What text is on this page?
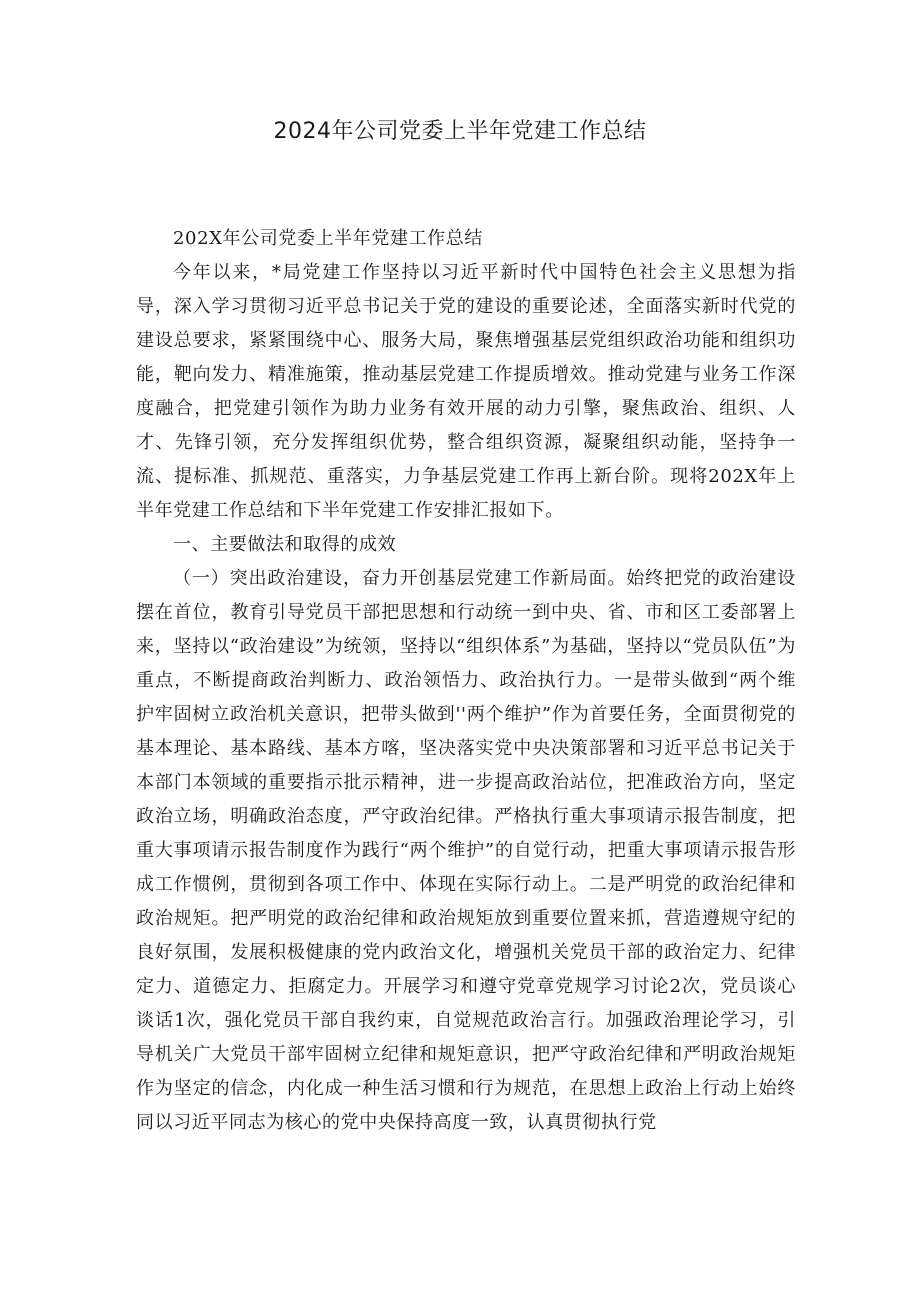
2024年公司党委上半年党建工作总结

202X年公司党委上半年党建工作总结

今年以来，*局党建工作坚持以习近平新时代中国特色社会主义思想为指导，深入学习贯彻习近平总书记关于党的建设的重要论述，全面落实新时代党的建设总要求，紧紧围绕中心、服务大局，聚焦增强基层党组织政治功能和组织功能，靶向发力、精准施策，推动基层党建工作提质增效。推动党建与业务工作深度融合，把党建引领作为助力业务有效开展的动力引擎，聚焦政治、组织、人才、先锋引领，充分发挥组织优势，整合组织资源，凝聚组织动能，坚持争一流、提标准、抓规范、重落实，力争基层党建工作再上新台阶。现将202X年上半年党建工作总结和下半年党建工作安排汇报如下。

一、主要做法和取得的成效

（一）突出政治建设，奋力开创基层党建工作新局面。始终把党的政治建设摆在首位，教育引导党员干部把思想和行动统一到中央、省、市和区工委部署上来，坚持以“政治建设”为统领，坚持以“组织体系”为基础，坚持以“党员队伍”为重点，不断提商政治判断力、政治领悟力、政治执行力。一是带头做到“两个维护牢固树立政治机关意识，把带头做到''两个维护”作为首要任务，全面贯彻党的基本理论、基本路线、基本方喀，坚决落实党中央决策部署和习近平总书记关于本部门本领域的重要指示批示精神，进一步提高政治站位，把准政治方向，坚定政治立场，明确政治态度，严守政治纪律。严格执行重大事项请示报告制度，把重大事项请示报告制度作为践行“两个维护”的自觉行动，把重大事项请示报告形成工作惯例，贯彻到各项工作中、体现在实际行动上。二是严明党的政治纪律和政治规矩。把严明党的政治纪律和政治规矩放到重要位置来抓，营造遵规守纪的良好氛围，发展积极健康的党内政治文化，增强机关党员干部的政治定力、纪律定力、道德定力、拒腐定力。开展学习和遵守党章党规学习讨论2次，党员谈心谈话1次，强化党员干部自我约束，自觉规范政治言行。加强政治理论学习，引导机关广大党员干部牢固树立纪律和规矩意识，把严守政治纪律和严明政治规矩作为坚定的信念，内化成一种生活习惯和行为规范，在思想上政治上行动上始终同以习近平同志为核心的党中央保持高度一致，认真贯彻执行党
